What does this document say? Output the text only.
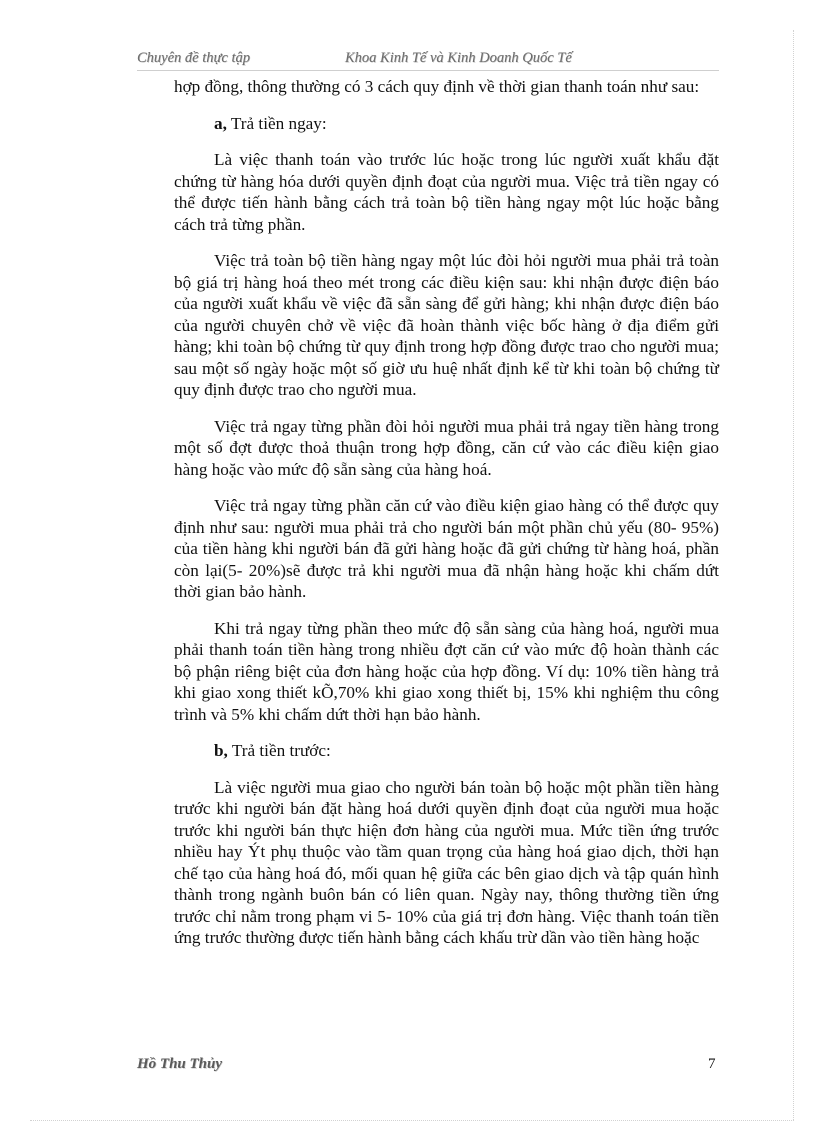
Chuyên đề thực tập	Khoa Kinh Tế và Kinh Doanh Quốc Tế

hợp đồng, thông thường có 3 cách quy định về thời gian thanh toán như sau:

a, Trả tiền ngay:

Là việc thanh toán vào trước lúc hoặc trong lúc người xuất khẩu đặt chứng từ hàng hóa dưới quyền định đoạt của người mua. Việc trả tiền ngay có thể được tiến hành bằng cách trả toàn bộ tiền hàng ngay một lúc hoặc bằng cách trả từng phần.

Việc trả toàn bộ tiền hàng ngay một lúc đòi hỏi người mua phải trả toàn bộ giá trị hàng hoá theo mét trong các điều kiện sau: khi nhận được điện báo của người xuất khẩu về việc đã sẵn sàng để gửi hàng; khi nhận được điện báo của người chuyên chở về việc đã hoàn thành việc bốc hàng ở địa điểm gửi hàng; khi toàn bộ chứng từ quy định trong hợp đồng được trao cho người mua; sau một số ngày hoặc một số giờ ưu huệ nhất định kể từ khi toàn bộ chứng từ quy định được trao cho người mua.

Việc trả ngay từng phần đòi hỏi người mua phải trả ngay tiền hàng trong một số đợt được thoả thuận trong hợp đồng, căn cứ vào các điều kiện giao hàng hoặc vào mức độ sẵn sàng của hàng hoá.

Việc trả ngay từng phần căn cứ vào điều kiện giao hàng có thể được quy định như sau: người mua phải trả cho người bán một phần chủ yếu (80- 95%) của tiền hàng khi người bán đã gửi hàng hoặc đã gửi chứng từ hàng hoá, phần còn lại(5- 20%)sẽ được trả khi người mua đã nhận hàng hoặc khi chấm dứt thời gian bảo hành.

Khi trả ngay từng phần theo mức độ sẵn sàng của hàng hoá, người mua phải thanh toán tiền hàng trong nhiều đợt căn cứ vào mức độ hoàn thành các bộ phận riêng biệt của đơn hàng hoặc của hợp đồng. Ví dụ: 10% tiền hàng trả khi giao xong thiết kÕ,70% khi giao xong thiết bị, 15% khi nghiệm thu công trình và 5% khi chấm dứt thời hạn bảo hành.

b, Trả tiền trước:

Là việc người mua giao cho người bán toàn bộ hoặc một phần tiền hàng trước khi người bán đặt hàng hoá dưới quyền định đoạt của người mua hoặc trước khi người bán thực hiện đơn hàng của người mua. Mức tiền ứng trước nhiều hay Ýt phụ thuộc vào tầm quan trọng của hàng hoá giao dịch, thời hạn chế tạo của hàng hoá đó, mối quan hệ giữa các bên giao dịch và tập quán hình thành trong ngành buôn bán có liên quan. Ngày nay, thông thường tiền ứng trước chỉ nằm trong phạm vi 5- 10% của giá trị đơn hàng. Việc thanh toán tiền ứng trước thường được tiến hành bằng cách khấu trừ dần vào tiền hàng hoặc

Hồ Thu Thủy	7
